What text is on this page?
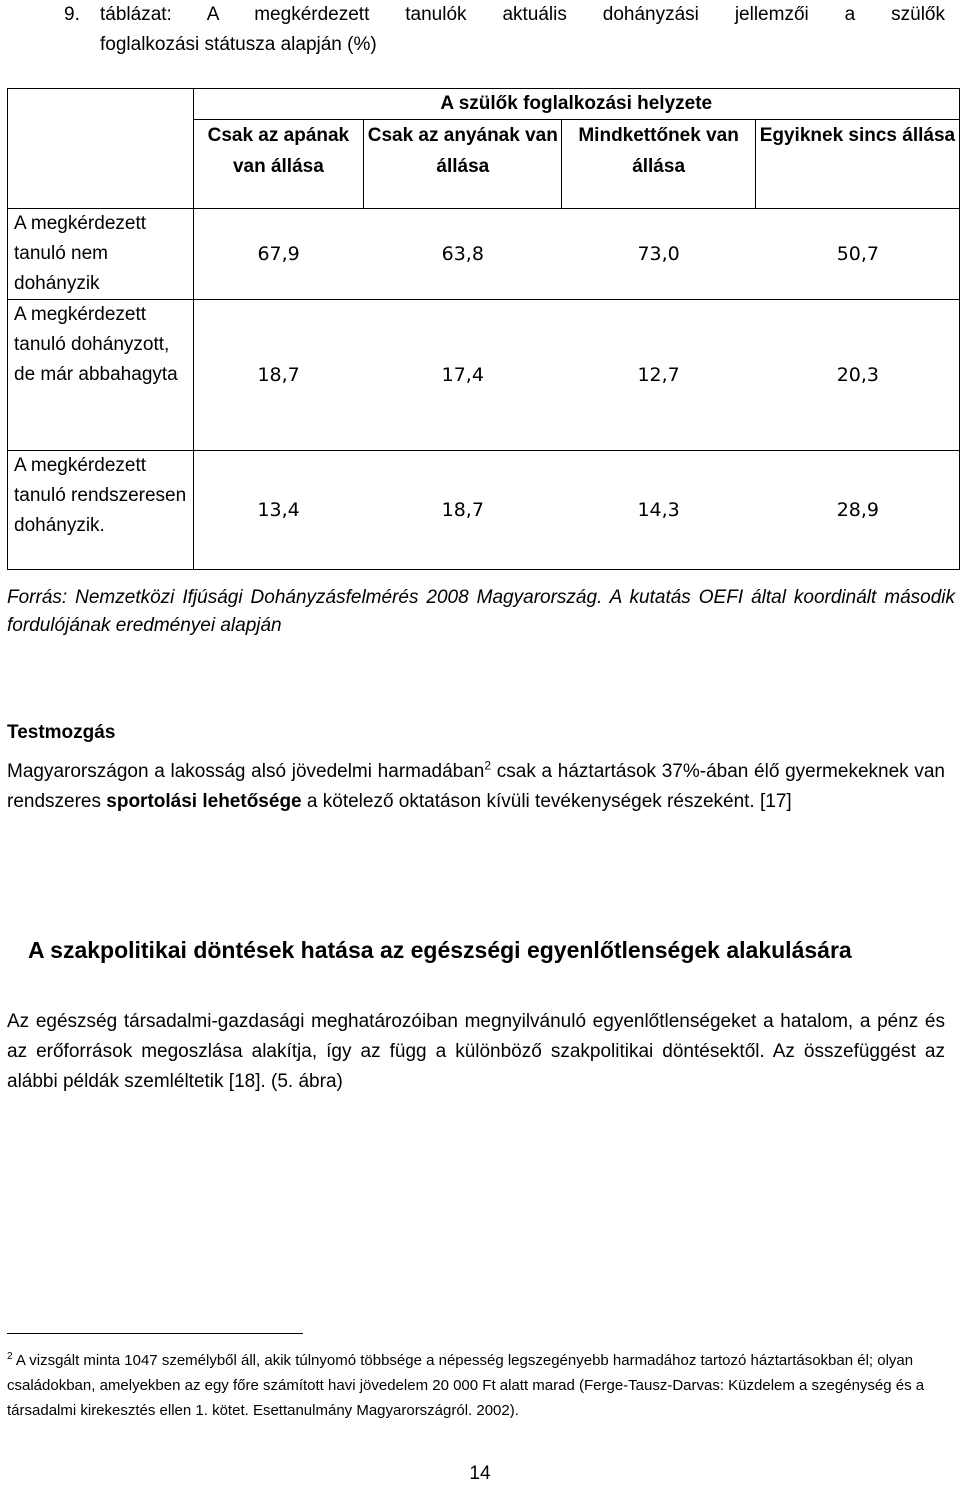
9. táblázat: A megkérdezett tanulók aktuális dohányzási jellemzői a szülők
foglalkozási státusza alapján (%)
	A szülők foglalkozási helyzete			
	Csak az apának van állása	Csak az anyának van állása	Mindkettőnek van állása	Egyiknek sincs állása
A megkérdezett tanuló nem dohányzik	67,9	63,8	73,0	50,7
A megkérdezett tanuló dohányzott, de már abbahagyta	18,7	17,4	12,7	20,3
A megkérdezett tanuló rendszeresen dohányzik.	13,4	18,7	14,3	28,9
Forrás: Nemzetközi Ifjúsági Dohányzásfelmérés 2008 Magyarország. A kutatás OEFI által koordinált második fordulójának eredményei alapján
Testmozgás
Magyarországon a lakosság alsó jövedelmi harmadában$^2$ csak a háztartások 37%-ában élő gyermekeknek van rendszeres sportolási lehetősége a kötelező oktatáson kívüli tevékenységek részeként. [17]
A szakpolitikai döntések hatása az egészségi egyenlőtlenségek alakulására
Az egészség társadalmi-gazdasági meghatározóiban megnyilvánuló egyenlőtlenségeket a hatalom, a pénz és az erőforrások megoszlása alakítja, így az függ a különböző szakpolitikai döntésektől. Az összefüggést az alábbi példák szemléltetik [18]. (5. ábra)
$^2$ A vizsgált minta 1047 személyből áll, akik túlnyomó többsége a népesség legszegényebb harmadához tartozó háztartásokban él; olyan családokban, amelyekben az egy főre számított havi jövedelem 20 000 Ft alatt marad (Ferge-Tausz-Darvas: Küzdelem a szegénység és a társadalmi kirekesztés ellen 1. kötet. Esettanulmány Magyarországról. 2002).
14
